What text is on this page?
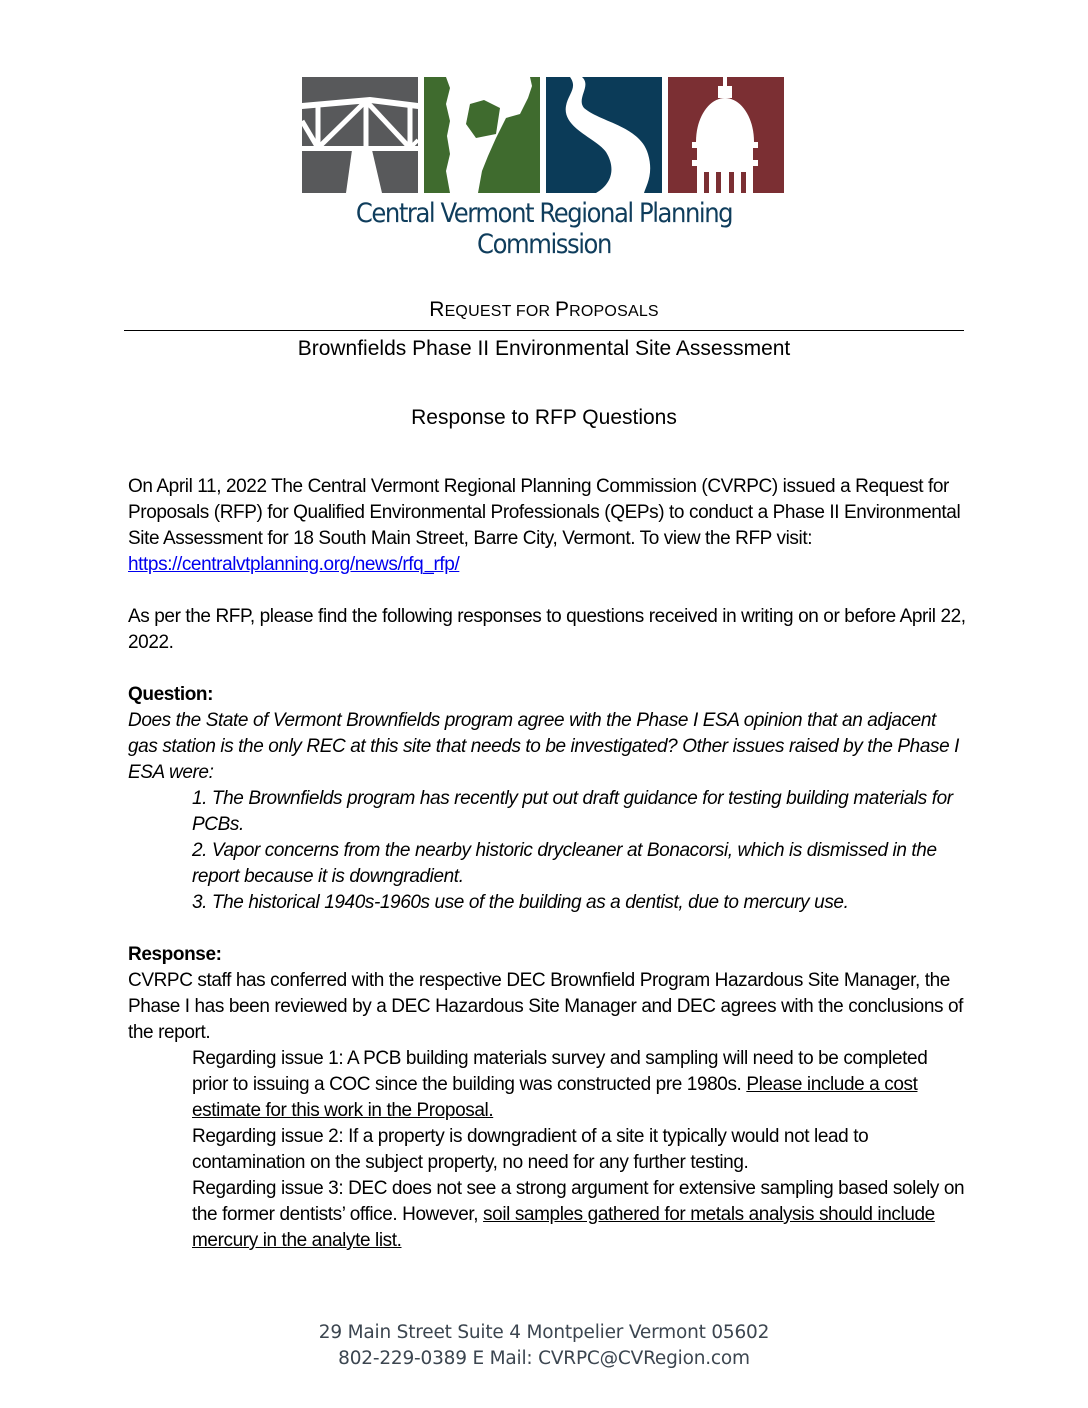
Central Vermont Regional Planning Commission
REQUEST FOR PROPOSALS
Brownfields Phase II Environmental Site Assessment
Response to RFP Questions
On April 11, 2022 The Central Vermont Regional Planning Commission (CVRPC) issued a Request for Proposals (RFP) for Qualified Environmental Professionals (QEPs) to conduct a Phase II Environmental Site Assessment for 18 South Main Street, Barre City, Vermont. To view the RFP visit: https://centralvtplanning.org/news/rfq_rfp/
As per the RFP, please find the following responses to questions received in writing on or before April 22, 2022.
Question:
Does the State of Vermont Brownfields program agree with the Phase I ESA opinion that an adjacent gas station is the only REC at this site that needs to be investigated? Other issues raised by the Phase I ESA were:
1. The Brownfields program has recently put out draft guidance for testing building materials for PCBs.
2. Vapor concerns from the nearby historic drycleaner at Bonacorsi, which is dismissed in the report because it is downgradient.
3. The historical 1940s-1960s use of the building as a dentist, due to mercury use.
Response:
CVRPC staff has conferred with the respective DEC Brownfield Program Hazardous Site Manager, the Phase I has been reviewed by a DEC Hazardous Site Manager and DEC agrees with the conclusions of the report.
Regarding issue 1: A PCB building materials survey and sampling will need to be completed prior to issuing a COC since the building was constructed pre 1980s. Please include a cost estimate for this work in the Proposal.
Regarding issue 2: If a property is downgradient of a site it typically would not lead to contamination on the subject property, no need for any further testing.
Regarding issue 3: DEC does not see a strong argument for extensive sampling based solely on the former dentists’ office. However, soil samples gathered for metals analysis should include mercury in the analyte list.
29 Main Street Suite 4 Montpelier Vermont 05602
802-229-0389 E Mail: CVRPC@CVRegion.com
